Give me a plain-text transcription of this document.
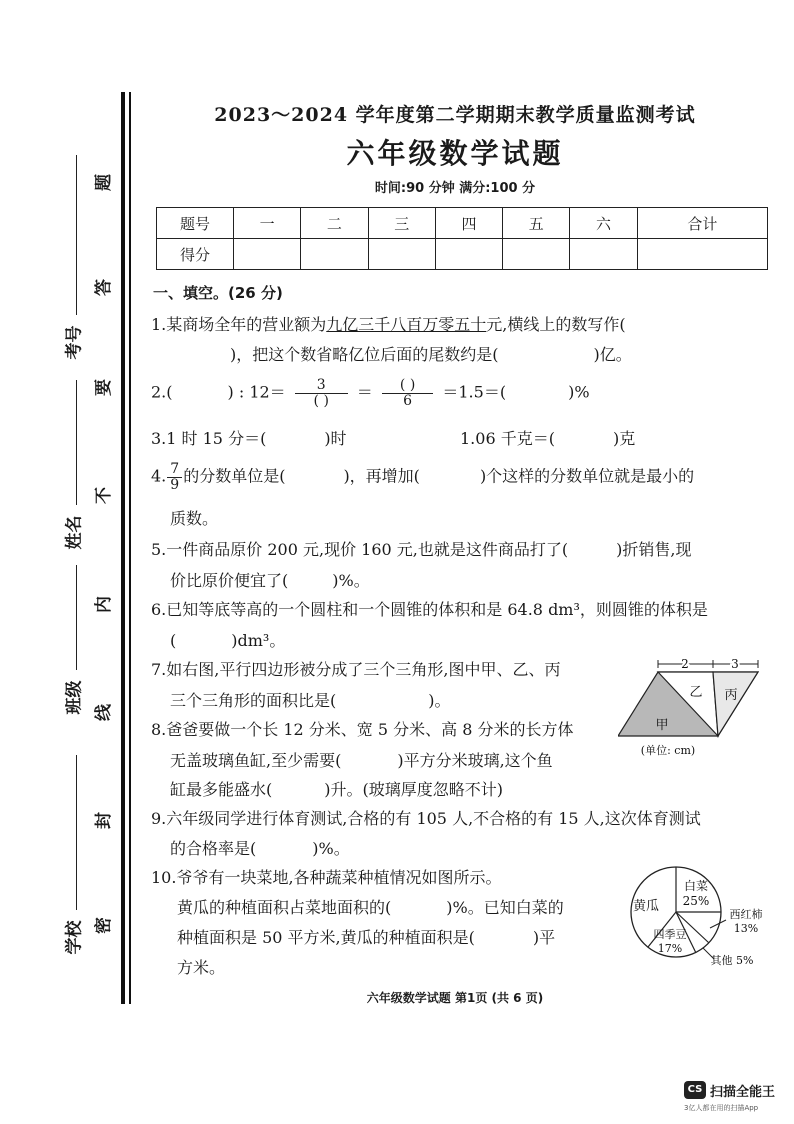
题
答
要
不
内
线
封
密
考号
姓名
班级
学校
2023～2024 学年度第二学期期末教学质量监测考试
六年级数学试题
时间:90 分钟 满分:100 分
题号	一	二	三	四	五	六	合计
得分							
一、填空。(26 分)
1.某商场全年的营业额为九亿三千八百万零五十元,横线上的数写作(
)，把这个数省略亿位后面的尾数约是(	)亿。
2.(	) : $12= \frac{3}{( )} = \frac{( )}{6} =1.5=$(	)%
3.1 时 15 分＝(	)时	1.06 千克＝(	)克
4. $\frac{7}{9}$ 的分数单位是(	)，再增加(	)个这样的分数单位就是最小的
质数。
5.一件商品原价 200 元,现价 160 元,也就是这件商品打了(	)折销售,现
价比原价便宜了(	)%。
6.已知等底等高的一个圆柱和一个圆锥的体积和是 64.8 dm³，则圆锥的体积是
(	)dm³。
7.如右图,平行四边形被分成了三个三角形,图中甲、乙、丙
三个三角形的面积比是(	)。
8.爸爸要做一个长 12 分米、宽 5 分米、高 8 分米的长方体
无盖玻璃鱼缸,至少需要(	)平方分米玻璃,这个鱼
缸最多能盛水(	)升。(玻璃厚度忽略不计)
2	3
甲
乙 丙
(单位: cm)
9.六年级同学进行体育测试,合格的有 105 人,不合格的有 15 人,这次体育测试
的合格率是(	)%。
10.爷爷有一块菜地,各种蔬菜种植情况如图所示。
黄瓜的种植面积占菜地面积的(	)%。已知白菜的
种植面积是 50 平方米,黄瓜的种植面积是(	)平
方米。
黄瓜
白菜
25%
西红柿
13%
四季豆
17%
其他 5%
六年级数学试题 第1页 (共 6 页)
CS 扫描全能王
3亿人都在用的扫描App
